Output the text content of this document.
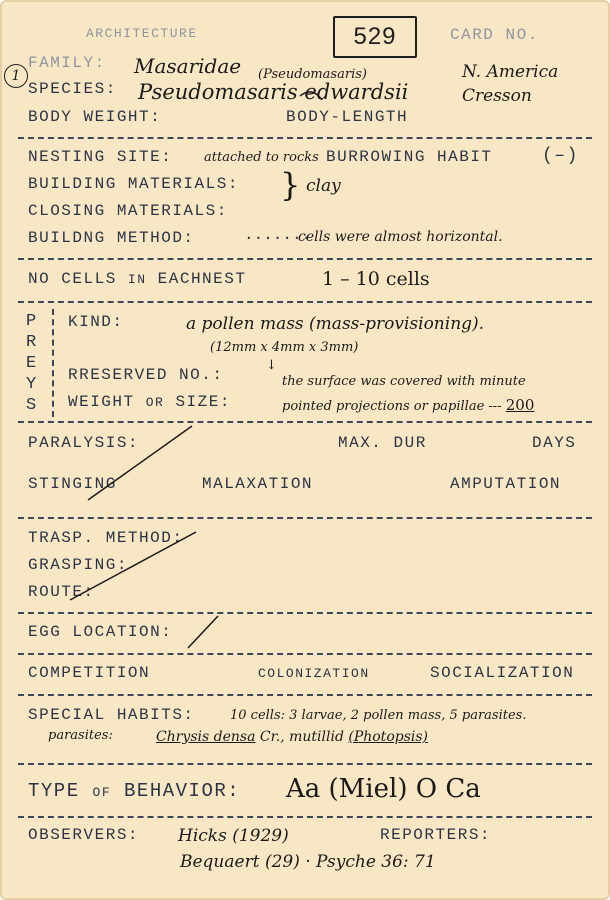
ARCHITECTURE	529	CARD NO.
1
FAMILY: Masaridae (Pseudomasaris)	N. America
SPECIES: Pseudomasaris edwardsii	Cresson
BODY WEIGHT:	BODY-LENGTH
NESTING SITE: attached to rocks BURROWING HABIT	(–)
BUILDING MATERIALS: } clay
CLOSING MATERIALS:
BUILDNG METHOD:	·······
cells were almost horizontal.
NO CELLS IN EACHNEST	1 – 10 cells
P
R
E
Y
S
KIND:	a pollen mass (mass-provisioning).
(12mm x 4mm x 3mm)
↓
RRESERVED NO.:	the surface was covered with minute
WEIGHT OR SIZE:	pointed projections or papillae --- 200
PARALYSIS:	MAX. DUR	DAYS
STINGING	MALAXATION	AMPUTATION
TRASP. METHOD:
GRASPING:
ROUTE:
EGG LOCATION:
COMPETITION	COLONIZATION	SOCIALIZATION
SPECIAL HABITS:	10 cells: 3 larvae, 2 pollen mass, 5 parasites.
parasites:	Chrysis densa Cr., mutillid (Photopsis)
TYPE OF BEHAVIOR: Aa (Miel) O Ca
OBSERVERS: Hicks (1929)	REPORTERS:
Bequaert (29) · Psyche 36: 71
